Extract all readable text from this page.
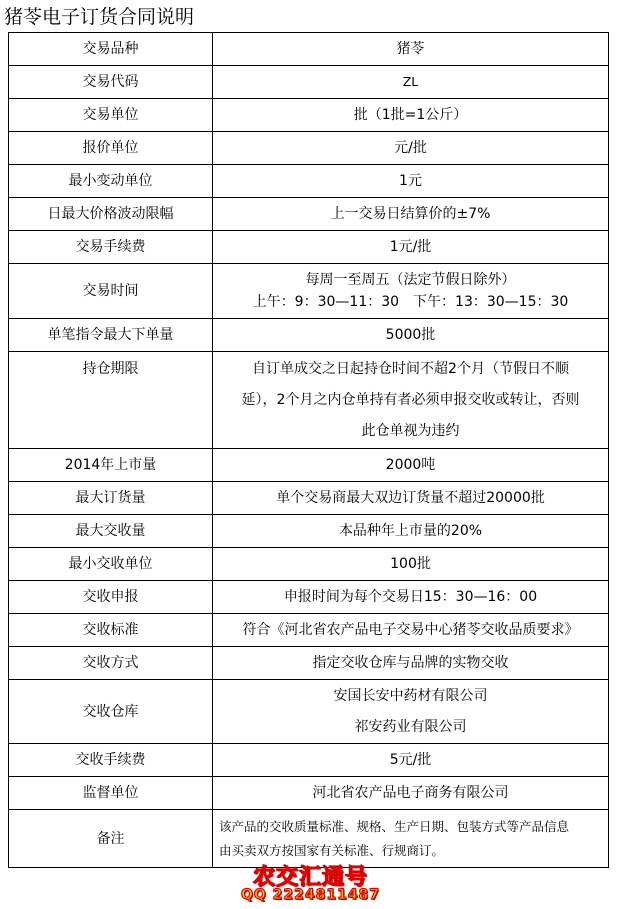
猪苓电子订货合同说明
交易品种	猪苓

交易代码	ZL

交易单位	批（1批=1公斤）

报价单位	元/批

最小变动单位	1元

日最大价格波动限幅	上一交易日结算价的±7%

交易手续费	1元/批

交易时间	每周一至周五（法定节假日除外）
上午：9：30—11：30　下午：13：30—15：30

单笔指令最大下单量	5000批

持仓期限	自订单成交之日起持仓时间不超2个月（节假日不顺
延），2个月之内仓单持有者必须申报交收或转让，否则
此仓单视为违约

2014年上市量	2000吨

最大订货量	单个交易商最大双边订货量不超过20000批

最大交收量	本品种年上市量的20%

最小交收单位	100批

交收申报	申报时间为每个交易日15：30—16：00

交收标准	符合《河北省农产品电子交易中心猪苓交收品质要求》

交收方式	指定交收仓库与品牌的实物交收

交收仓库	安国长安中药材有限公司
祁安药业有限公司

交收手续费	5元/批

监督单位	河北省农产品电子商务有限公司

备注	该产品的交收质量标准、规格、生产日期、包装方式等产品信息
由买卖双方按国家有关标准、行规商订。
农交汇通号
QQ 2224811487
